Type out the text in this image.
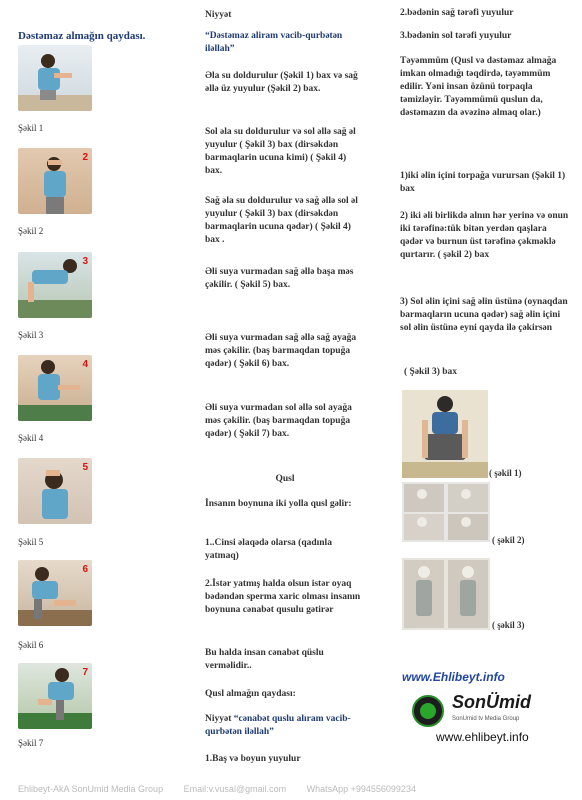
Dəstəmaz almağın qaydası.
Şəkil 1
2
Şəkil 2
3
Şəkil 3
4
Şəkil 4
5
Şəkil 5
6
Şəkil 6
7
Şəkil 7

Niyyət

“Dəstəmaz aliram vacib-qurbətən iləllah”

Əla su doldurulur (Şəkil 1) bax və sağ əllə üz yuyulur (Şəkil 2) bax.

Sol əla su doldurulur və sol əllə sağ əl yuyulur ( Şəkil 3) bax (dirsəkdən barmaqlarin ucuna kimi) ( Şəkil 4) bax.

Sağ əla su doldurulur və sağ əllə sol əl yuyulur ( Şəkil 3) bax (dirsəkdən barmaqlarin ucuna qədər) ( Şəkil 4) bax .

Əli suya vurmadan sağ əllə başa məs çəkilir. ( Şəkil 5) bax.

Əli suya vurmadan sağ əllə sağ ayağa məs çəkilir. (baş barmaqdan topuğa qədər) ( Şəkil 6) bax.

Əli suya vurmadan sol əllə sol ayağa məs çəkilir. (baş barmaqdan topuğa qədər) ( Şəkil 7) bax.

Qusl

İnsanın boynuna iki yolla qusl gəlir:

1..Cinsi əlaqədə olarsa (qadınla yatmaq)

2.İstər yatmış halda olsun istər oyaq bədəndən sperma xaric olması insanın boynuna cənabət qusulu gətirər

Bu halda insan cənabət qüslu verməlidir..

Qusl almağın qaydası:

Niyyət “cənabət quslu alıram vacib-qurbətən iləllah”

1.Baş və boyun yuyulur

2.bədənin sağ tərəfi yuyulur

3.bədənin sol tərəfi yuyulur

Təyəmmüm (Qusl və dəstəmaz almağa imkan olmadığı təqdirdə, təyəmmüm edilir. Yəni insan özünü torpaqla təmizləyir. Təyəmmümü quslun da, dəstəmazın da əvəzinə almaq olar.)

1)iki əlin içini torpağa vurursan (Şəkil 1) bax

2) iki əli birlikdə alnın hər yerinə və onun iki tərəfinə:tük bitən yerdən qaşlara qədər və burnun üst tərəfinə çəkməklə qurtarır. ( şəkil 2) bax

3) Sol əlin içini sağ əlin üstünə (oynaqdan barmaqların ucuna qədər) sağ əlin içini sol əlin üstünə eyni qayda ilə çəkirsən

( Şəkil 3) bax

( şəkil 1)
( şəkil 2)
( şəkil 3)
www.Ehlibeyt.info
SonÜmid
SonUmid tv Media Group
www.ehlibeyt.info
Ehlibeyt-AkA SonUmid Media Group Email:v.vusal@gmail.com WhatsApp +994556099234
